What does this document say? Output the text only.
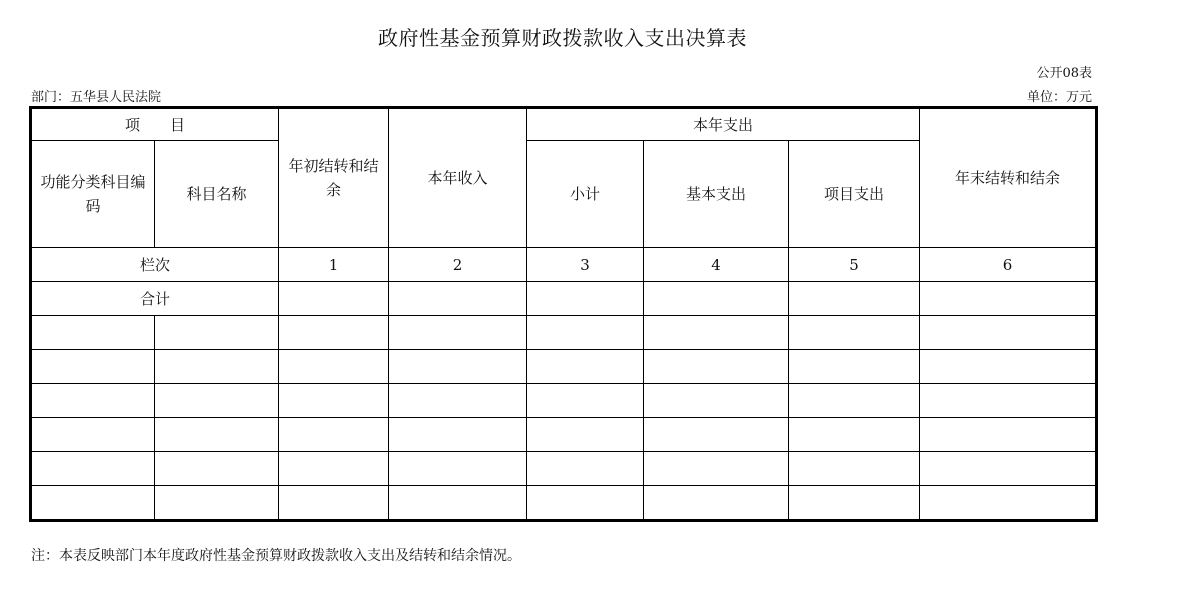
政府性基金预算财政拨款收入支出决算表
公开08表
部门：五华县人民法院	单位：万元
项　　目		年初结转和结余	本年收入	本年支出			年末结转和结余
功能分类科目编码	科目名称			小计	基本支出	项目支出	
栏次		1	2	3	4	5	6
合计							

注：本表反映部门本年度政府性基金预算财政拨款收入支出及结转和结余情况。
